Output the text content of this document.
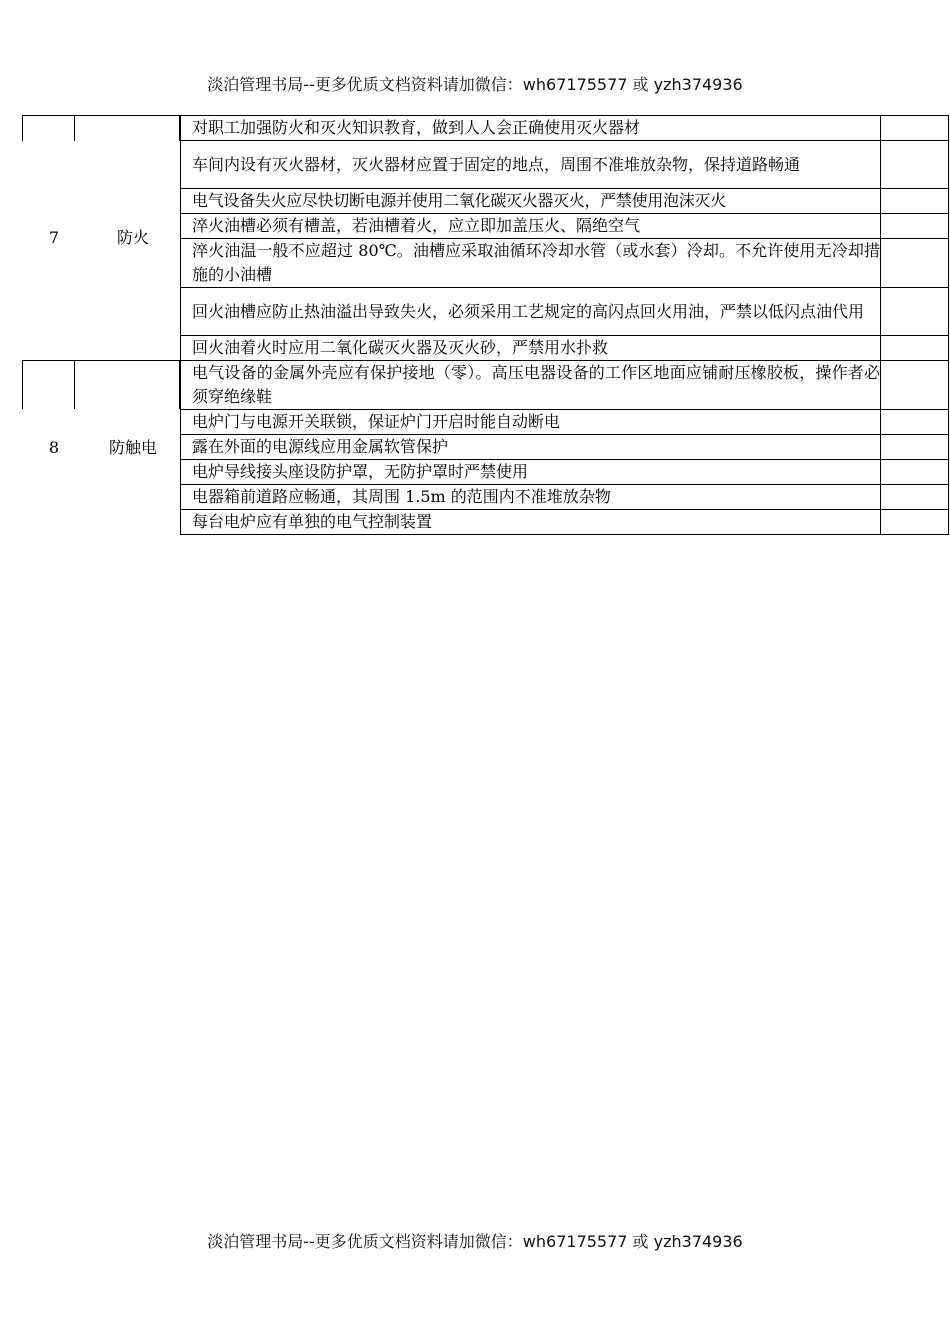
淡泊管理书局--更多优质文档资料请加微信：wh67175577 或 yzh374936
7	防火	对职工加强防火和灭火知识教育，做到人人会正确使用灭火器材	
		车间内设有灭火器材，灭火器材应置于固定的地点，周围不准堆放杂物，保持道路畅通	
		电气设备失火应尽快切断电源并使用二氧化碳灭火器灭火，严禁使用泡沫灭火	
		淬火油槽必须有槽盖，若油槽着火，应立即加盖压火、隔绝空气	
		淬火油温一般不应超过 80℃。油槽应采取油循环冷却水管（或水套）冷却。不允许使用无冷却措施的小油槽	
		回火油槽应防止热油溢出导致失火，必须采用工艺规定的高闪点回火用油，严禁以低闪点油代用	
		回火油着火时应用二氧化碳灭火器及灭火砂，严禁用水扑救	

8	防触电	电气设备的金属外壳应有保护接地（零）。高压电器设备的工作区地面应铺耐压橡胶板，操作者必须穿绝缘鞋	
		电炉门与电源开关联锁，保证炉门开启时能自动断电	
		露在外面的电源线应用金属软管保护	
		电炉导线接头座设防护罩，无防护罩时严禁使用	
		电器箱前道路应畅通，其周围 1.5m 的范围内不准堆放杂物	
		每台电炉应有单独的电气控制装置	
淡泊管理书局--更多优质文档资料请加微信：wh67175577 或 yzh374936
